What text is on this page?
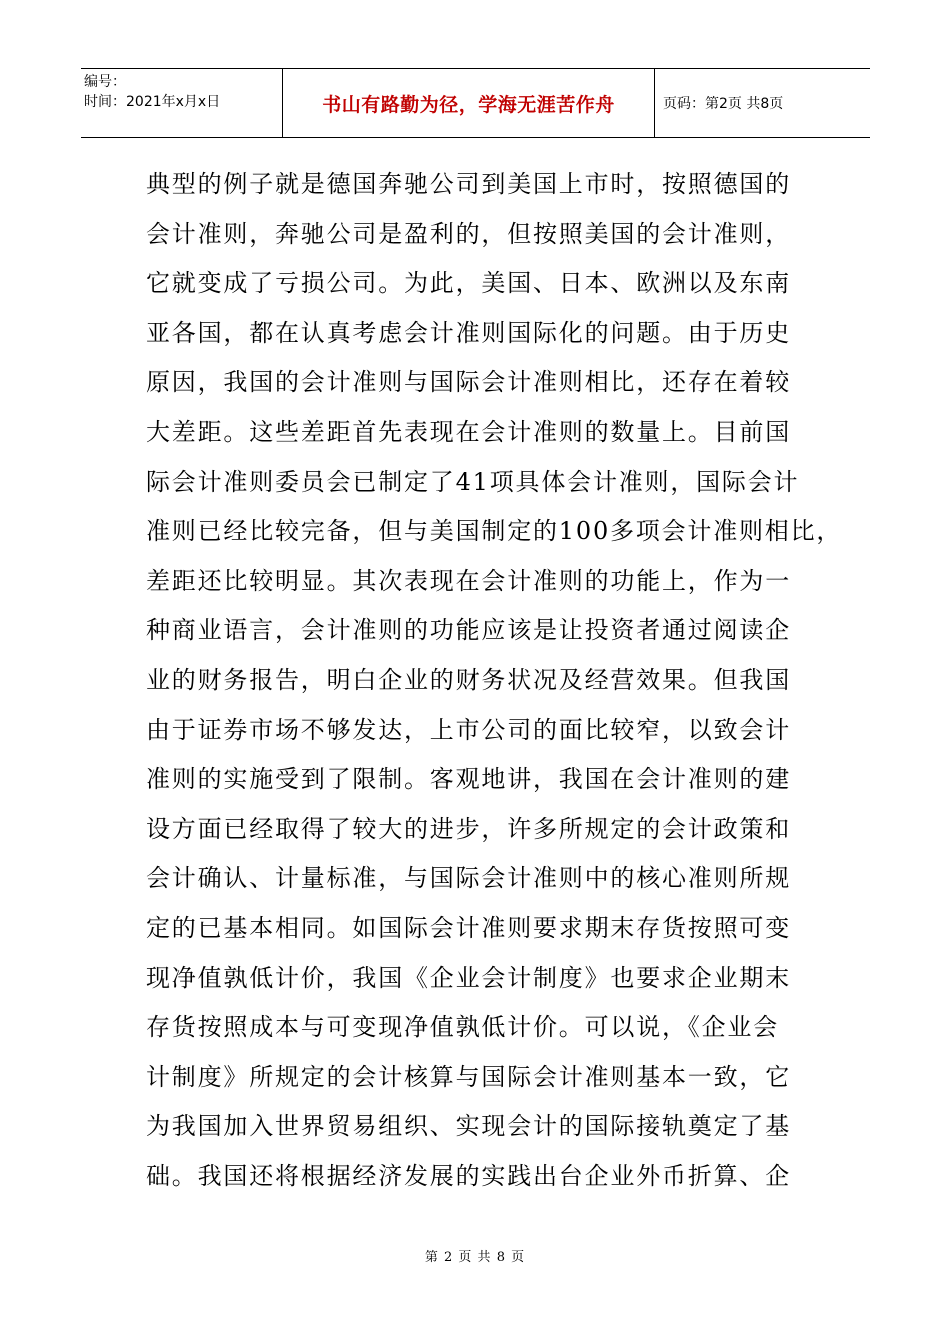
编号：
时间：2021年x月x日	书山有路勤为径，学海无涯苦作舟	页码：第2页 共8页
典型的例子就是德国奔驰公司到美国上市时，按照德国的
会计准则，奔驰公司是盈利的，但按照美国的会计准则，
它就变成了亏损公司。为此，美国、日本、欧洲以及东南
亚各国，都在认真考虑会计准则国际化的问题。由于历史
原因，我国的会计准则与国际会计准则相比，还存在着较
大差距。这些差距首先表现在会计准则的数量上。目前国
际会计准则委员会已制定了41项具体会计准则，国际会计
准则已经比较完备，但与美国制定的100多项会计准则相比，
差距还比较明显。其次表现在会计准则的功能上，作为一
种商业语言，会计准则的功能应该是让投资者通过阅读企
业的财务报告，明白企业的财务状况及经营效果。但我国
由于证券市场不够发达，上市公司的面比较窄，以致会计
准则的实施受到了限制。客观地讲，我国在会计准则的建
设方面已经取得了较大的进步，许多所规定的会计政策和
会计确认、计量标准，与国际会计准则中的核心准则所规
定的已基本相同。如国际会计准则要求期末存货按照可变
现净值孰低计价，我国《企业会计制度》也要求企业期末
存货按照成本与可变现净值孰低计价。可以说，《企业会
计制度》所规定的会计核算与国际会计准则基本一致，它
为我国加入世界贸易组织、实现会计的国际接轨奠定了基
础。我国还将根据经济发展的实践出台企业外币折算、企
第 2 页 共 8 页
